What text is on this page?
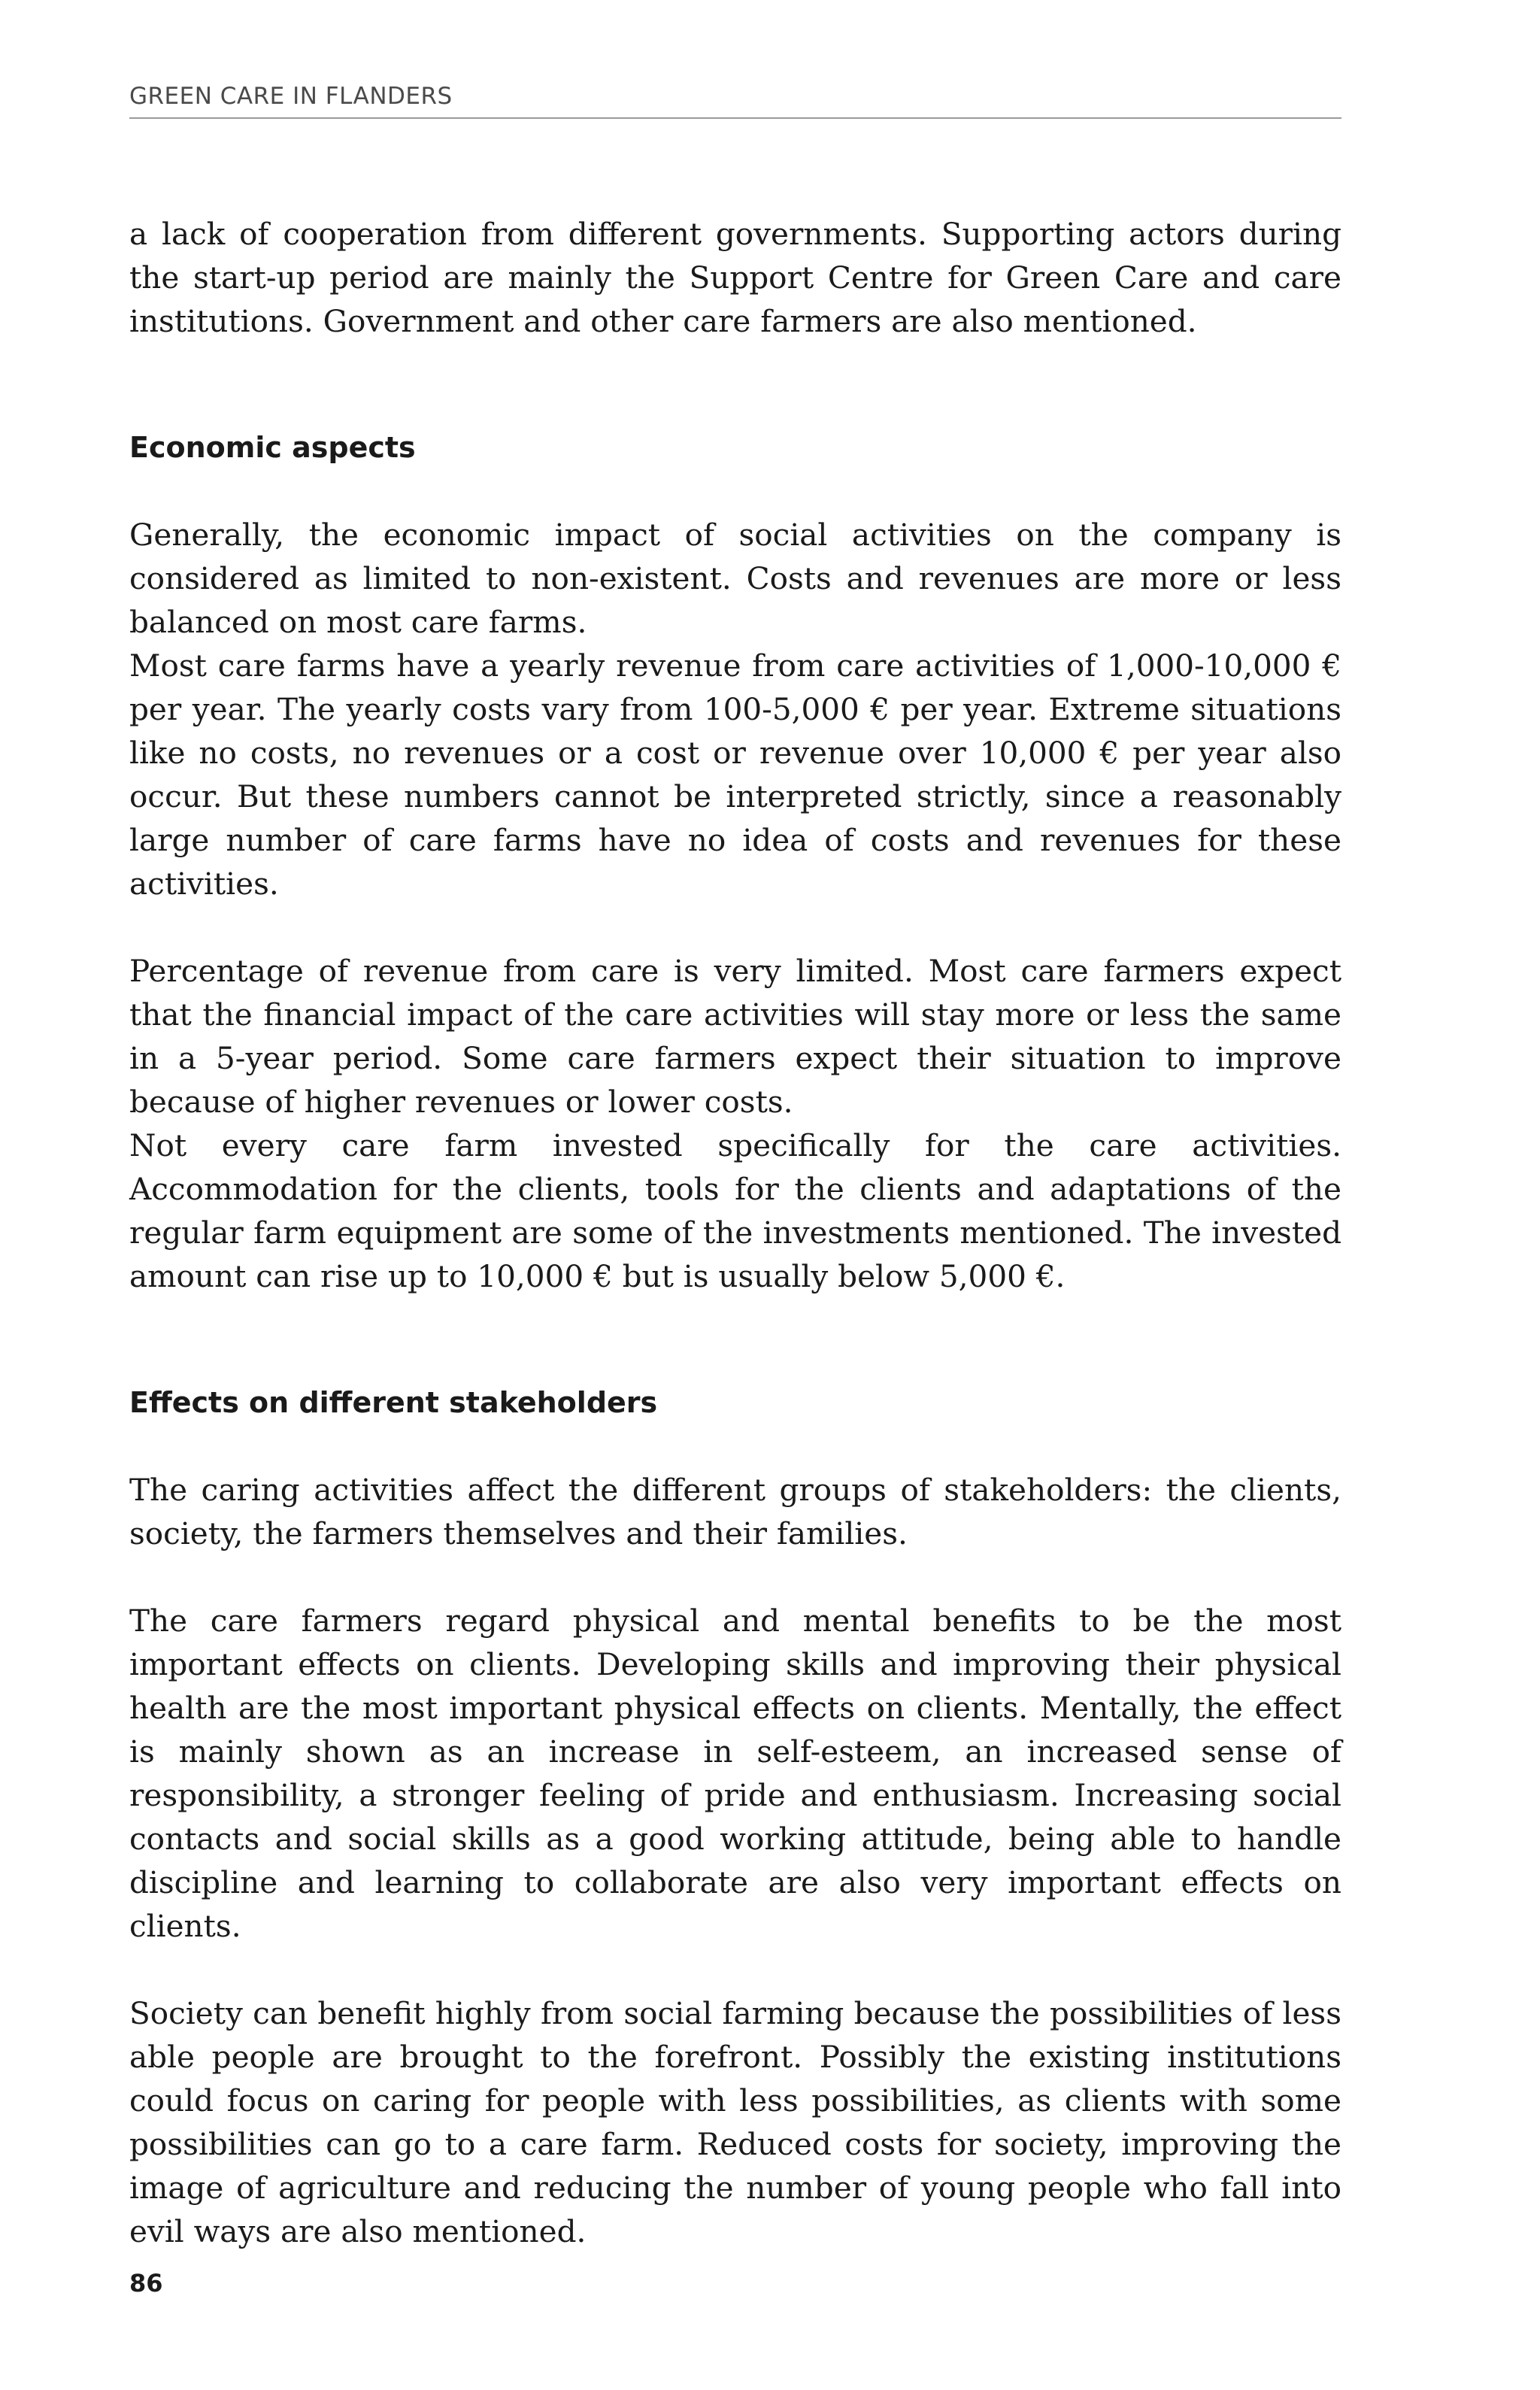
GREEN CARE IN FLANDERS

a lack of cooperation from different governments. Supporting actors during the start-up period are mainly the Support Centre for Green Care and care institutions. Government and other care farmers are also mentioned.

Economic aspects

Generally, the economic impact of social activities on the company is considered as limited to non-existent. Costs and revenues are more or less balanced on most care farms.

Most care farms have a yearly revenue from care activities of 1,000-10,000 € per year. The yearly costs vary from 100-5,000 € per year. Extreme situations like no costs, no revenues or a cost or revenue over 10,000 € per year also occur. But these numbers cannot be interpreted strictly, since a reasonably large number of care farms have no idea of costs and revenues for these activities.

Percentage of revenue from care is very limited. Most care farmers expect that the financial impact of the care activities will stay more or less the same in a 5-year period. Some care farmers expect their situation to improve because of higher revenues or lower costs.

Not every care farm invested specifically for the care activities. Accommodation for the clients, tools for the clients and adaptations of the regular farm equipment are some of the investments mentioned. The invested amount can rise up to 10,000 € but is usually below 5,000 €.

Effects on different stakeholders

The caring activities affect the different groups of stakeholders: the clients, society, the farmers themselves and their families.

The care farmers regard physical and mental benefits to be the most important effects on clients. Developing skills and improving their physical health are the most important physical effects on clients. Mentally, the effect is mainly shown as an increase in self-esteem, an increased sense of responsibility, a stronger feeling of pride and enthusiasm. Increasing social contacts and social skills as a good working attitude, being able to handle discipline and learning to collaborate are also very important effects on clients.

Society can benefit highly from social farming because the possibilities of less able people are brought to the forefront. Possibly the existing institutions could focus on caring for people with less possibilities, as clients with some possibilities can go to a care farm. Reduced costs for society, improving the image of agriculture and reducing the number of young people who fall into evil ways are also mentioned.

86
